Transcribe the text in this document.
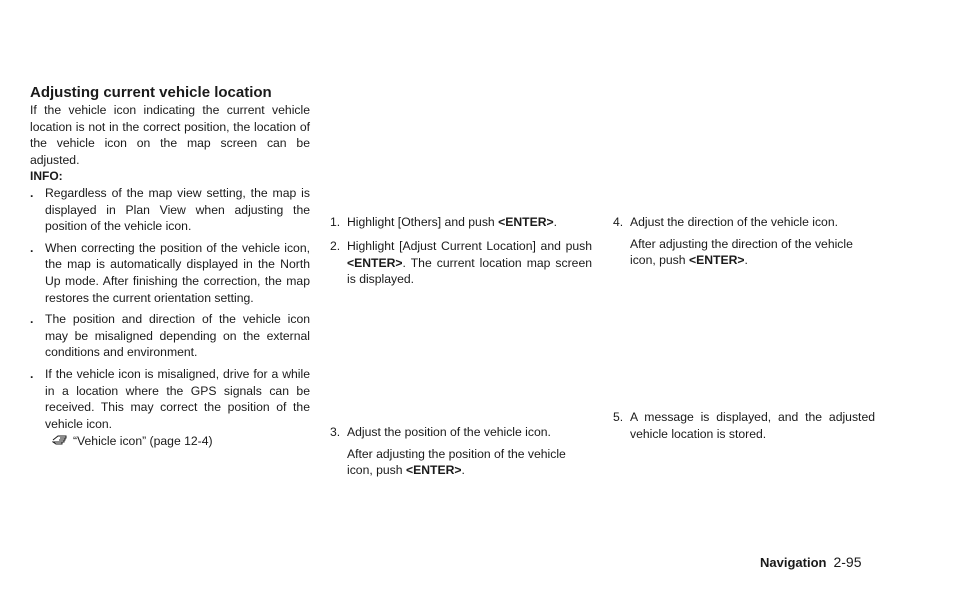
Adjusting current vehicle location

If the vehicle icon indicating the current vehicle location is not in the correct position, the location of the vehicle icon on the map screen can be adjusted.

INFO:

. Regardless of the map view setting, the map is displayed in Plan View when adjusting the position of the vehicle icon.
. When correcting the position of the vehicle icon, the map is automatically displayed in the North Up mode. After finishing the correction, the map restores the current orientation setting.
. The position and direction of the vehicle icon may be misaligned depending on the external conditions and environment.
. If the vehicle icon is misaligned, drive for a while in a location where the GPS signals can be received. This may correct the position of the vehicle icon.
“Vehicle icon” (page 12-4)
1. Highlight [Others] and push <ENTER>.
2. Highlight [Adjust Current Location] and push <ENTER>. The current location map screen is displayed.
3. Adjust the position of the vehicle icon.
After adjusting the position of the vehicle icon, push <ENTER>.
4. Adjust the direction of the vehicle icon.
After adjusting the direction of the vehicle icon, push <ENTER>.
5. A message is displayed, and the adjusted vehicle location is stored.
Navigation 2-95
